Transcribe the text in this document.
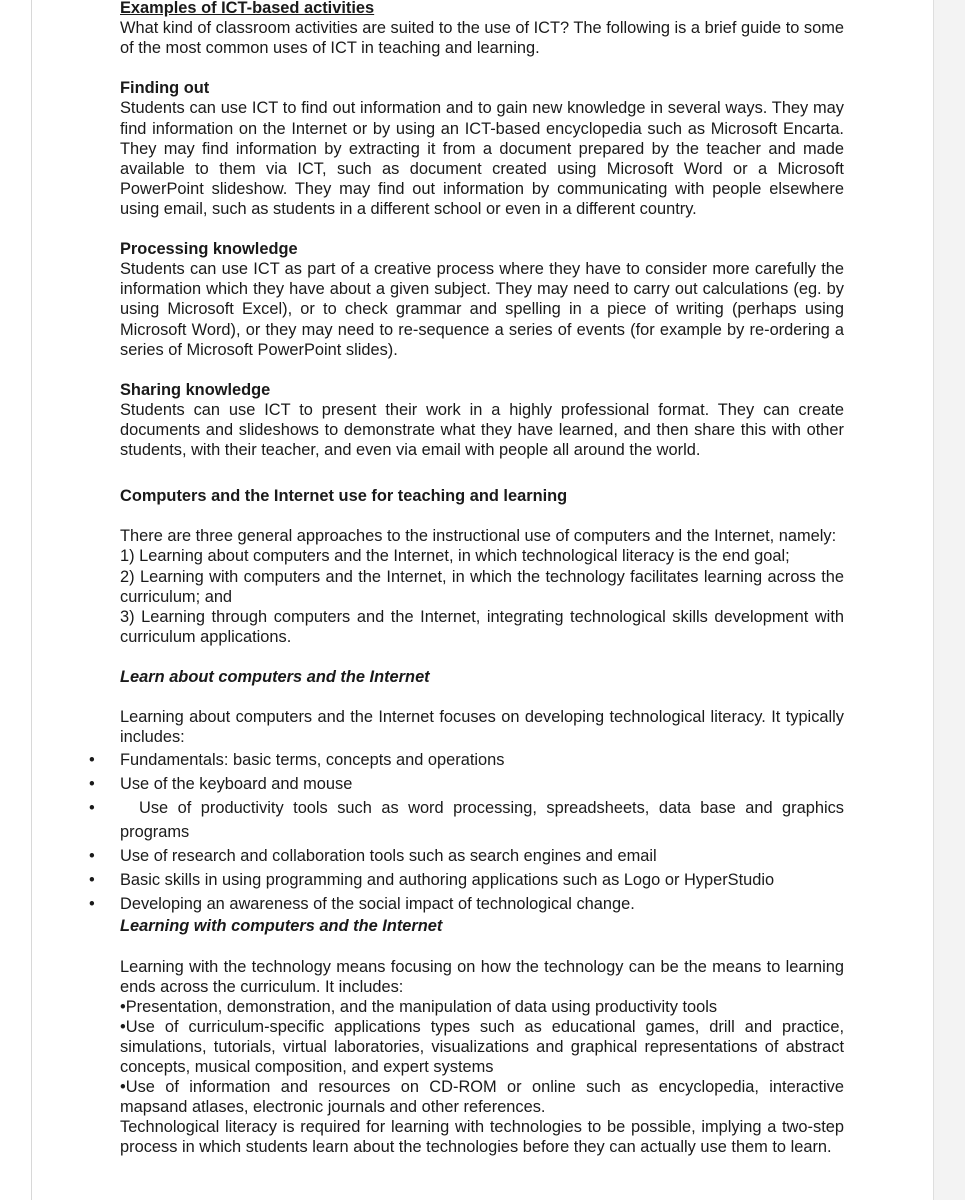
Examples of ICT-based activities

What kind of classroom activities are suited to the use of ICT? The following is a brief guide to some of the most common uses of ICT in teaching and learning.

Finding out

Students can use ICT to find out information and to gain new knowledge in several ways. They may find information on the Internet or by using an ICT-based encyclopedia such as Microsoft Encarta. They may find information by extracting it from a document prepared by the teacher and made available to them via ICT, such as document created using Microsoft Word or a Microsoft PowerPoint slideshow. They may find out information by communicating with people elsewhere using email, such as students in a different school or even in a different country.

Processing knowledge

Students can use ICT as part of a creative process where they have to consider more carefully the information which they have about a given subject. They may need to carry out calculations (eg. by using Microsoft Excel), or to check grammar and spelling in a piece of writing (perhaps using Microsoft Word), or they may need to re-sequence a series of events (for example by re-ordering a series of Microsoft PowerPoint slides).

Sharing knowledge

Students can use ICT to present their work in a highly professional format. They can create documents and slideshows to demonstrate what they have learned, and then share this with other students, with their teacher, and even via email with people all around the world.

Computers and the Internet use for teaching and learning

There are three general approaches to the instructional use of computers and the Internet, namely:

1) Learning about computers and the Internet, in which technological literacy is the end goal;

2) Learning with computers and the Internet, in which the technology facilitates learning across the curriculum; and

3) Learning through computers and the Internet, integrating technological skills development with curriculum applications.

Learn about computers and the Internet

Learning about computers and the Internet focuses on developing technological literacy. It typically includes:

• Fundamentals: basic terms, concepts and operations
• Use of the keyboard and mouse
•	Use of productivity tools such as word processing, spreadsheets, data base and graphics programs
• Use of research and collaboration tools such as search engines and email
• Basic skills in using programming and authoring applications such as Logo or HyperStudio
• Developing an awareness of the social impact of technological change.

Learning with computers and the Internet

Learning with the technology means focusing on how the technology can be the means to learning ends across the curriculum. It includes:

•Presentation, demonstration, and the manipulation of data using productivity tools

•Use of curriculum-specific applications types such as educational games, drill and practice, simulations, tutorials, virtual laboratories, visualizations and graphical representations of abstract concepts, musical composition, and expert systems

•Use of information and resources on CD-ROM or online such as encyclopedia, interactive mapsand atlases, electronic journals and other references.

Technological literacy is required for learning with technologies to be possible, implying a two-step process in which students learn about the technologies before they can actually use them to learn.
